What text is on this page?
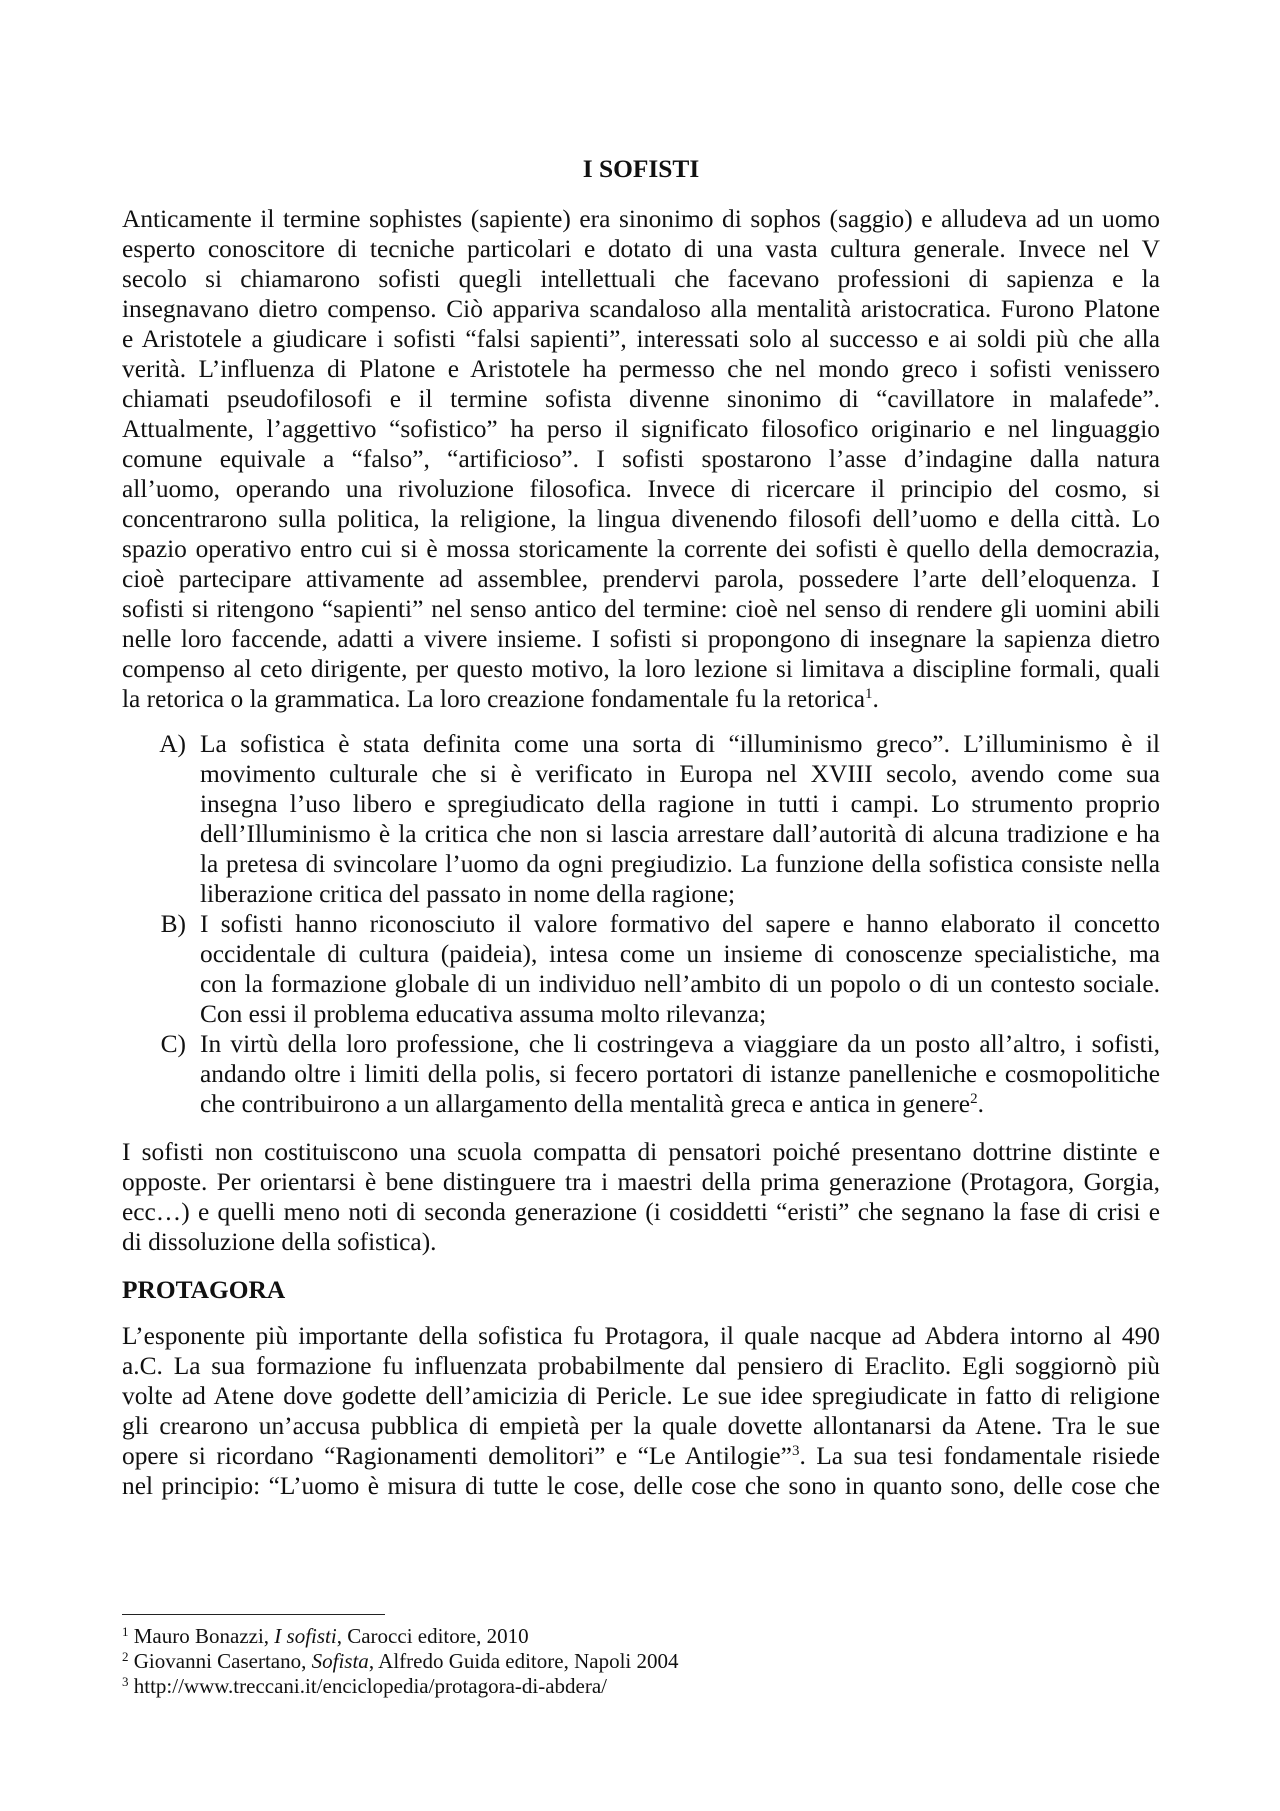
I SOFISTI
Anticamente il termine sophistes (sapiente) era sinonimo di sophos (saggio) e alludeva ad un uomo
esperto conoscitore di tecniche particolari e dotato di una vasta cultura generale. Invece nel V
secolo si chiamarono sofisti quegli intellettuali che facevano professioni di sapienza e la
insegnavano dietro compenso. Ciò appariva scandaloso alla mentalità aristocratica. Furono Platone
e Aristotele a giudicare i sofisti “falsi sapienti”, interessati solo al successo e ai soldi più che alla
verità. L’influenza di Platone e Aristotele ha permesso che nel mondo greco i sofisti venissero
chiamati pseudofilosofi e il termine sofista divenne sinonimo di “cavillatore in malafede”.
Attualmente, l’aggettivo “sofistico” ha perso il significato filosofico originario e nel linguaggio
comune equivale a “falso”, “artificioso”. I sofisti spostarono l’asse d’indagine dalla natura
all’uomo, operando una rivoluzione filosofica. Invece di ricercare il principio del cosmo, si
concentrarono sulla politica, la religione, la lingua divenendo filosofi dell’uomo e della città. Lo
spazio operativo entro cui si è mossa storicamente la corrente dei sofisti è quello della democrazia,
cioè partecipare attivamente ad assemblee, prendervi parola, possedere l’arte dell’eloquenza. I
sofisti si ritengono “sapienti” nel senso antico del termine: cioè nel senso di rendere gli uomini abili
nelle loro faccende, adatti a vivere insieme. I sofisti si propongono di insegnare la sapienza dietro
compenso al ceto dirigente, per questo motivo, la loro lezione si limitava a discipline formali, quali
la retorica o la grammatica. La loro creazione fondamentale fu la retorica$^1$.
A) La sofistica è stata definita come una sorta di “illuminismo greco”. L’illuminismo è il
movimento culturale che si è verificato in Europa nel XVIII secolo, avendo come sua
insegna l’uso libero e spregiudicato della ragione in tutti i campi. Lo strumento proprio
dell’Illuminismo è la critica che non si lascia arrestare dall’autorità di alcuna tradizione e ha
la pretesa di svincolare l’uomo da ogni pregiudizio. La funzione della sofistica consiste nella
liberazione critica del passato in nome della ragione;
B) I sofisti hanno riconosciuto il valore formativo del sapere e hanno elaborato il concetto
occidentale di cultura (paideia), intesa come un insieme di conoscenze specialistiche, ma
con la formazione globale di un individuo nell’ambito di un popolo o di un contesto sociale.
Con essi il problema educativa assuma molto rilevanza;
C) In virtù della loro professione, che li costringeva a viaggiare da un posto all’altro, i sofisti,
andando oltre i limiti della polis, si fecero portatori di istanze panelleniche e cosmopolitiche
che contribuirono a un allargamento della mentalità greca e antica in genere$^2$.
I sofisti non costituiscono una scuola compatta di pensatori poiché presentano dottrine distinte e
opposte. Per orientarsi è bene distinguere tra i maestri della prima generazione (Protagora, Gorgia,
ecc…) e quelli meno noti di seconda generazione (i cosiddetti “eristi” che segnano la fase di crisi e
di dissoluzione della sofistica).
PROTAGORA
L’esponente più importante della sofistica fu Protagora, il quale nacque ad Abdera intorno al 490
a.C. La sua formazione fu influenzata probabilmente dal pensiero di Eraclito. Egli soggiornò più
volte ad Atene dove godette dell’amicizia di Pericle. Le sue idee spregiudicate in fatto di religione
gli crearono un’accusa pubblica di empietà per la quale dovette allontanarsi da Atene. Tra le sue
opere si ricordano “Ragionamenti demolitori” e “Le Antilogie”$^3$. La sua tesi fondamentale risiede
nel principio: “L’uomo è misura di tutte le cose, delle cose che sono in quanto sono, delle cose che
$^1$ Mauro Bonazzi, I sofisti, Carocci editore, 2010
$^2$ Giovanni Casertano, Sofista, Alfredo Guida editore, Napoli 2004
$^3$ http://www.treccani.it/enciclopedia/protagora-di-abdera/
